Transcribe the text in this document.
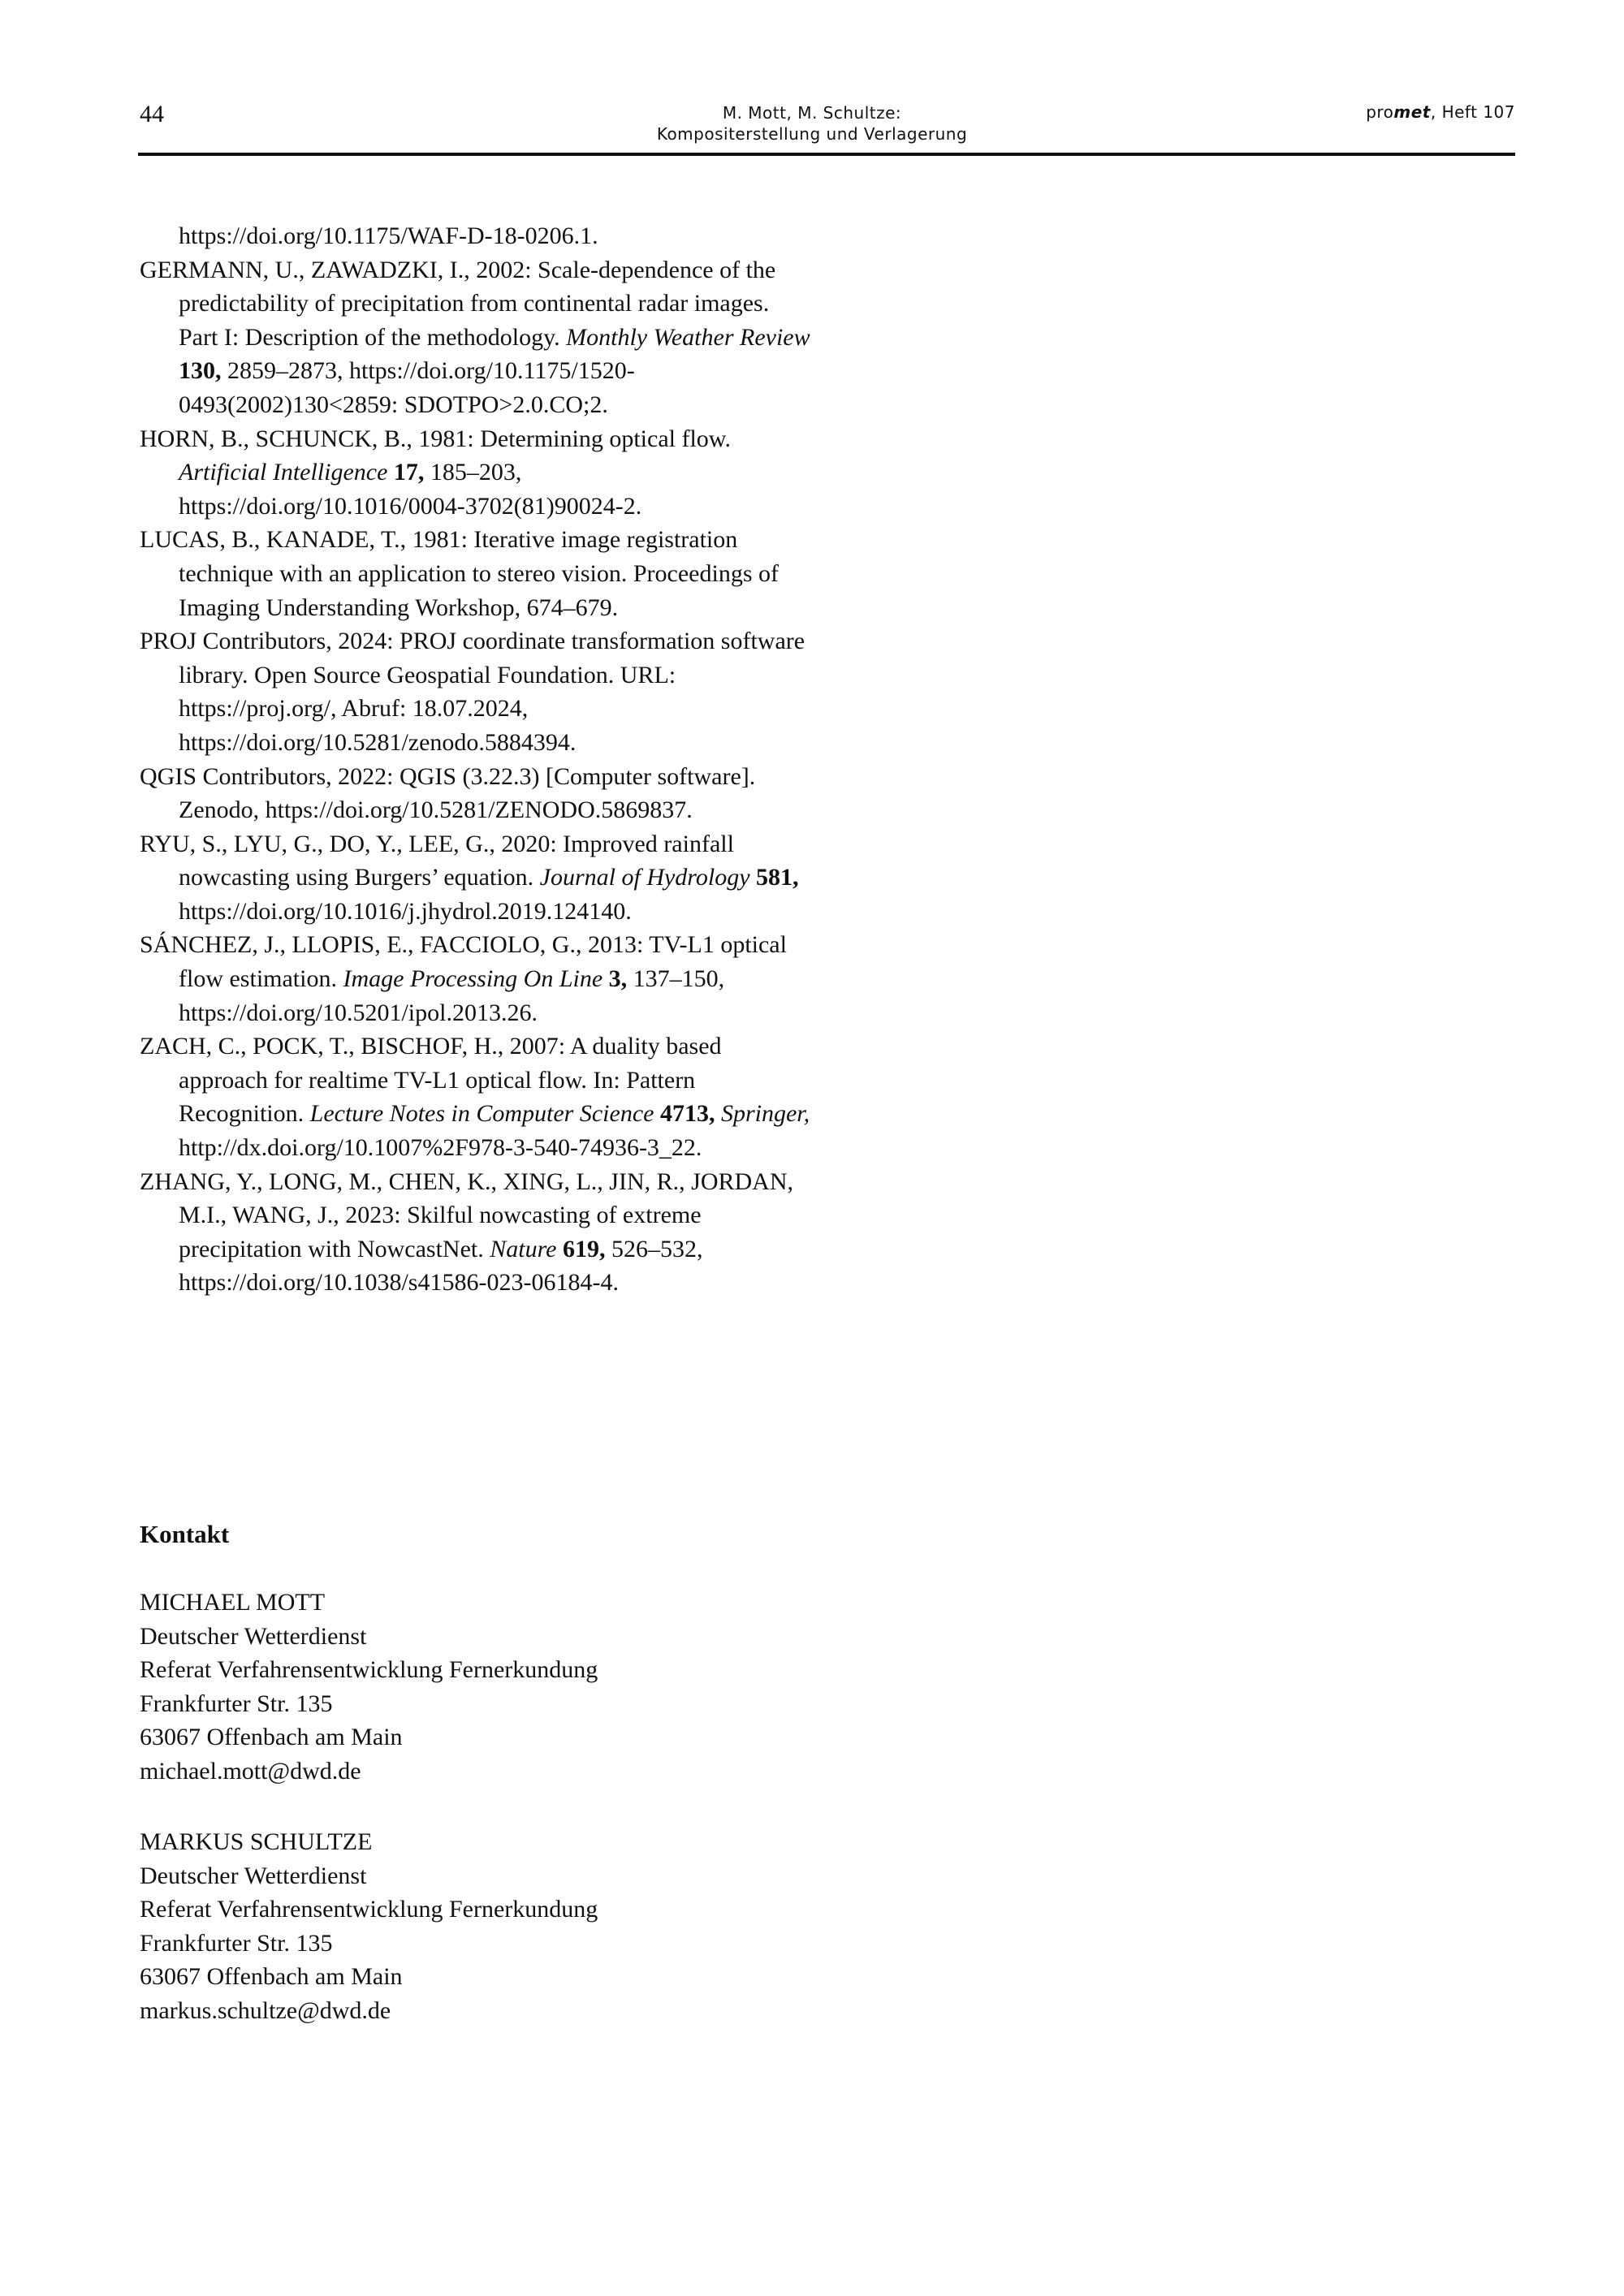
44	M. Mott, M. Schultze:
Kompositerstellung und Verlagerung
promet, Heft 107
https://doi.org/10.1175/WAF-D-18-0206.1.
GERMANN, U., ZAWADZKI, I., 2002: Scale-dependence of the predictability of precipitation from continental radar images. Part I: Description of the methodology. Monthly Weather Review 130, 2859–2873, https://doi.org/10.1175/1520-0493(2002)130<2859: SDOTPO>2.0.CO;2.
HORN, B., SCHUNCK, B., 1981: Determining optical flow. Artificial Intelligence 17, 185–203, https://doi.org/10.1016/0004-3702(81)90024-2.
LUCAS, B., KANADE, T., 1981: Iterative image registration technique with an application to stereo vision. Proceedings of Imaging Understanding Workshop, 674–679.
PROJ Contributors, 2024: PROJ coordinate transformation software library. Open Source Geospatial Foundation. URL: https://proj.org/, Abruf: 18.07.2024, https://doi.org/10.5281/zenodo.5884394.
QGIS Contributors, 2022: QGIS (3.22.3) [Computer software]. Zenodo, https://doi.org/10.5281/ZENODO.5869837.
RYU, S., LYU, G., DO, Y., LEE, G., 2020: Improved rainfall nowcasting using Burgers’ equation. Journal of Hydrology 581, https://doi.org/10.1016/j.jhydrol.2019.124140.
SÁNCHEZ, J., LLOPIS, E., FACCIOLO, G., 2013: TV-L1 optical flow estimation. Image Processing On Line 3, 137–150, https://doi.org/10.5201/ipol.2013.26.
ZACH, C., POCK, T., BISCHOF, H., 2007: A duality based approach for realtime TV-L1 optical flow. In: Pattern Recognition. Lecture Notes in Computer Science 4713, Springer, http://dx.doi.org/10.1007%2F978-3-540-74936-3_22.
ZHANG, Y., LONG, M., CHEN, K., XING, L., JIN, R., JORDAN, M.I., WANG, J., 2023: Skilful nowcasting of extreme precipitation with NowcastNet. Nature 619, 526–532, https://doi.org/10.1038/s41586-023-06184-4.
Kontakt
MICHAEL MOTT
Deutscher Wetterdienst
Referat Verfahrensentwicklung Fernerkundung
Frankfurter Str. 135
63067 Offenbach am Main
michael.mott@dwd.de
MARKUS SCHULTZE
Deutscher Wetterdienst
Referat Verfahrensentwicklung Fernerkundung
Frankfurter Str. 135
63067 Offenbach am Main
markus.schultze@dwd.de
